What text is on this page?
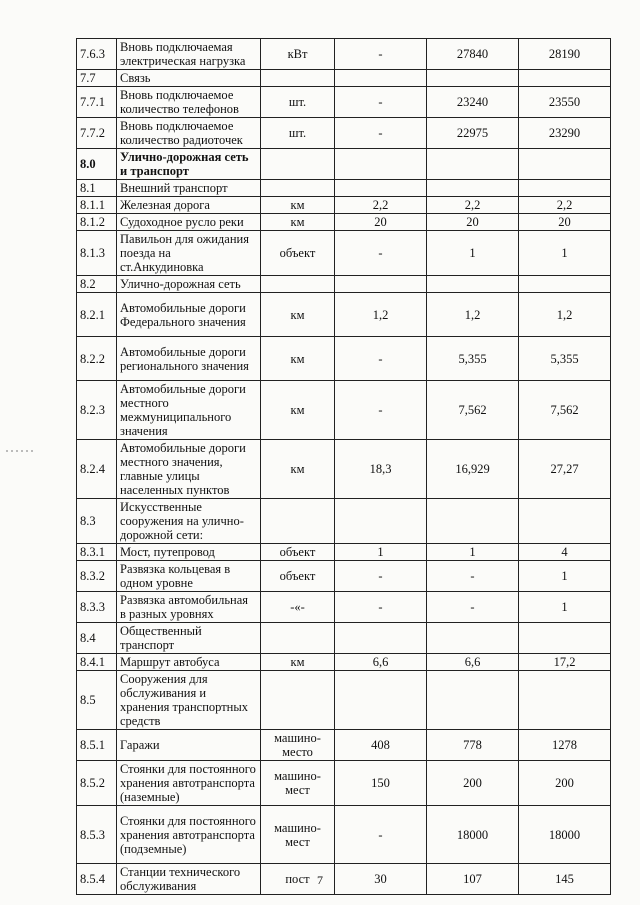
7.6.3	Вновь подключаемая электрическая нагрузка	кВт	-	27840	28190
7.7	Связь				
7.7.1	Вновь подключаемое количество телефонов	шт.	-	23240	23550
7.7.2	Вновь подключаемое количество радиоточек	шт.	-	22975	23290
8.0	Улично-дорожная сеть и транспорт				
8.1	Внешний транспорт				
8.1.1	Железная дорога	км	2,2	2,2	2,2
8.1.2	Судоходное русло реки	км	20	20	20
8.1.3	Павильон для ожидания поезда на ст.Анкудиновка	объект	-	1	1
8.2	Улично-дорожная сеть				
8.2.1	Автомобильные дороги Федерального значения	км	1,2	1,2	1,2
8.2.2	Автомобильные дороги регионального значения	км	-	5,355	5,355
8.2.3	Автомобильные дороги местного межмуниципального значения	км	-	7,562	7,562
8.2.4	Автомобильные дороги местного значения, главные улицы населенных пунктов	км	18,3	16,929	27,27
8.3	Искусственные сооружения на улично-дорожной сети:				
8.3.1	Мост, путепровод	объект	1	1	4
8.3.2	Развязка кольцевая в одном уровне	объект	-	-	1
8.3.3	Развязка автомобильная в разных уровнях	-«-	-	-	1
8.4	Общественный транспорт				
8.4.1	Маршрут автобуса	км	6,6	6,6	17,2
8.5	Сооружения для обслуживания и хранения транспортных средств				
8.5.1	Гаражи	машино-место	408	778	1278
8.5.2	Стоянки для постоянного хранения автотранспорта (наземные)	машино-мест	150	200	200
8.5.3	Стоянки для постоянного хранения автотранспорта (подземные)	машино-мест	-	18000	18000
8.5.4	Станции технического обслуживания	пост	30	107	145
7
